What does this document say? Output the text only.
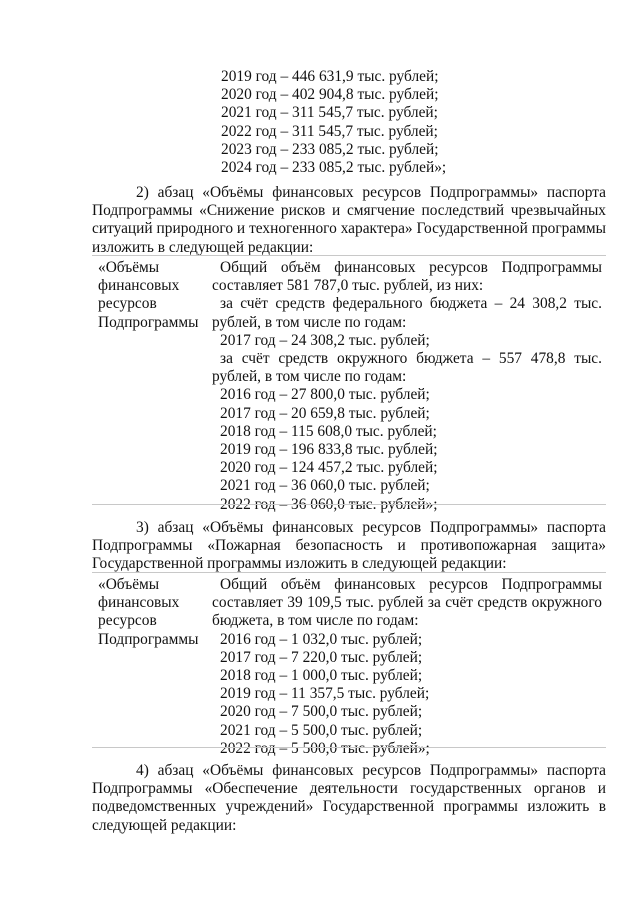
2019 год – 446 631,9 тыс. рублей;
2020 год – 402 904,8 тыс. рублей;
2021 год – 311 545,7 тыс. рублей;
2022 год – 311 545,7 тыс. рублей;
2023 год – 233 085,2 тыс. рублей;
2024 год – 233 085,2 тыс. рублей»;
2) абзац «Объёмы финансовых ресурсов Подпрограммы» паспорта
Подпрограммы «Снижение рисков и смягчение последствий чрезвычайных
ситуаций природного и техногенного характера» Государственной программы
изложить в следующей редакции:
«Объёмы
финансовых
ресурсов
Подпрограммы
Общий объём финансовых ресурсов Подпрограммы
составляет 581 787,0 тыс. рублей, из них:
за счёт средств федерального бюджета – 24 308,2 тыс.
рублей, в том числе по годам:
2017 год – 24 308,2 тыс. рублей;
за счёт средств окружного бюджета – 557 478,8 тыс.
рублей, в том числе по годам:
2016 год – 27 800,0 тыс. рублей;
2017 год – 20 659,8 тыс. рублей;
2018 год – 115 608,0 тыс. рублей;
2019 год – 196 833,8 тыс. рублей;
2020 год – 124 457,2 тыс. рублей;
2021 год – 36 060,0 тыс. рублей;
2022 год – 36 060,0 тыс. рублей»;
3) абзац «Объёмы финансовых ресурсов Подпрограммы» паспорта
Подпрограммы «Пожарная безопасность и противопожарная защита»
Государственной программы изложить в следующей редакции:
«Объёмы
финансовых
ресурсов
Подпрограммы
Общий объём финансовых ресурсов Подпрограммы
составляет 39 109,5 тыс. рублей за счёт средств окружного
бюджета, в том числе по годам:
2016 год – 1 032,0 тыс. рублей;
2017 год – 7 220,0 тыс. рублей;
2018 год – 1 000,0 тыс. рублей;
2019 год – 11 357,5 тыс. рублей;
2020 год – 7 500,0 тыс. рублей;
2021 год – 5 500,0 тыс. рублей;
2022 год – 5 500,0 тыс. рублей»;
4) абзац «Объёмы финансовых ресурсов Подпрограммы» паспорта
Подпрограммы «Обеспечение деятельности государственных органов и
подведомственных учреждений» Государственной программы изложить в
следующей редакции:
